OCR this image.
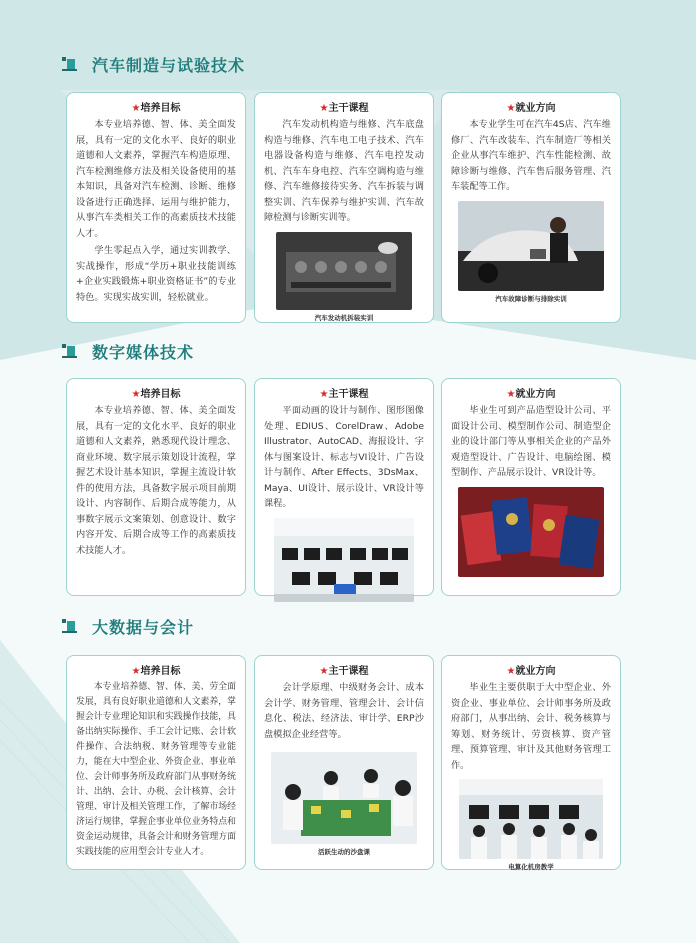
汽车制造与试验技术
★培养目标

本专业培养德、智、体、美全面发展，具有一定的文化水平、良好的职业道德和人文素养，掌握汽车构造原理、汽车检测维修方法及相关设备使用的基本知识，具备对汽车检测、诊断、维修设备进行正确选择、运用与维护能力，从事汽车类相关工作的高素质技术技能人才。

学生零起点入学，通过实训教学、实战操作，形成“学历+职业技能训练+企业实践锻炼+职业资格证书”的专业特色。实现实战实训，轻松就业。

★主干课程

汽车发动机构造与维修、汽车底盘构造与维修、汽车电工电子技术、汽车电器设备构造与维修、汽车电控发动机、汽车车身电控、汽车空调构造与维修、汽车维修接待实务、汽车拆装与调整实训、汽车保养与维护实训、汽车故障检测与诊断实训等。

汽车发动机拆装实训
★就业方向

本专业学生可在汽车4S店、汽车维修厂、汽车改装车、汽车制造厂等相关企业从事汽车维护、汽车性能检测、故障诊断与维修、汽车售后服务管理、汽车装配等工作。

汽车故障诊断与排除实训
数字媒体技术
★培养目标

本专业培养德、智、体、美全面发展，具有一定的文化水平、良好的职业道德和人文素养，熟悉现代设计理念、商业环境、数字展示策划设计流程，掌握艺术设计基本知识，掌握主流设计软件的使用方法，具备数字展示项目前期设计、内容制作、后期合成等能力，从事数字展示文案策划、创意设计、数字内容开发、后期合成等工作的高素质技术技能人才。

★主干课程

平面动画的设计与制作、图形图像处理、EDIUS、CorelDraw、Adobe Illustrator、AutoCAD、海报设计、字体与图案设计、标志与VI设计、广告设计与制作、After Effects、3DsMax、Maya、UI设计、展示设计、VR设计等课程。

★就业方向

毕业生可到产品造型设计公司、平面设计公司、模型制作公司、制造型企业的设计部门等从事相关企业的产品外观造型设计、广告设计、电脑绘图、模型制作、产品展示设计、VR设计等。

大数据与会计
★培养目标

本专业培养德、智、体、美、劳全面发展，具有良好职业道德和人文素养，掌握会计专业理论知识和实践操作技能，具备出纳实际操作、手工会计记账、会计软件操作、合法纳税、财务管理等专业能力，能在大中型企业、外资企业、事业单位、会计师事务所及政府部门从事财务统计、出纳、会计、办税、会计核算、会计管理、审计及相关管理工作，了解市场经济运行规律，掌握企事业单位业务特点和资金运动规律，具备会计和财务管理方面实践技能的应用型会计专业人才。

★主干课程

会计学原理、中级财务会计、成本会计学、财务管理、管理会计、会计信息化、税法、经济法、审计学、ERP沙盘模拟企业经营等。

活跃生动的沙盘课
★就业方向

毕业生主要供职于大中型企业、外资企业、事业单位、会计师事务所及政府部门，从事出纳、会计、税务核算与筹划、财务统计、劳资核算、资产管理、预算管理、审计及其他财务管理工作。

电算化机房教学
